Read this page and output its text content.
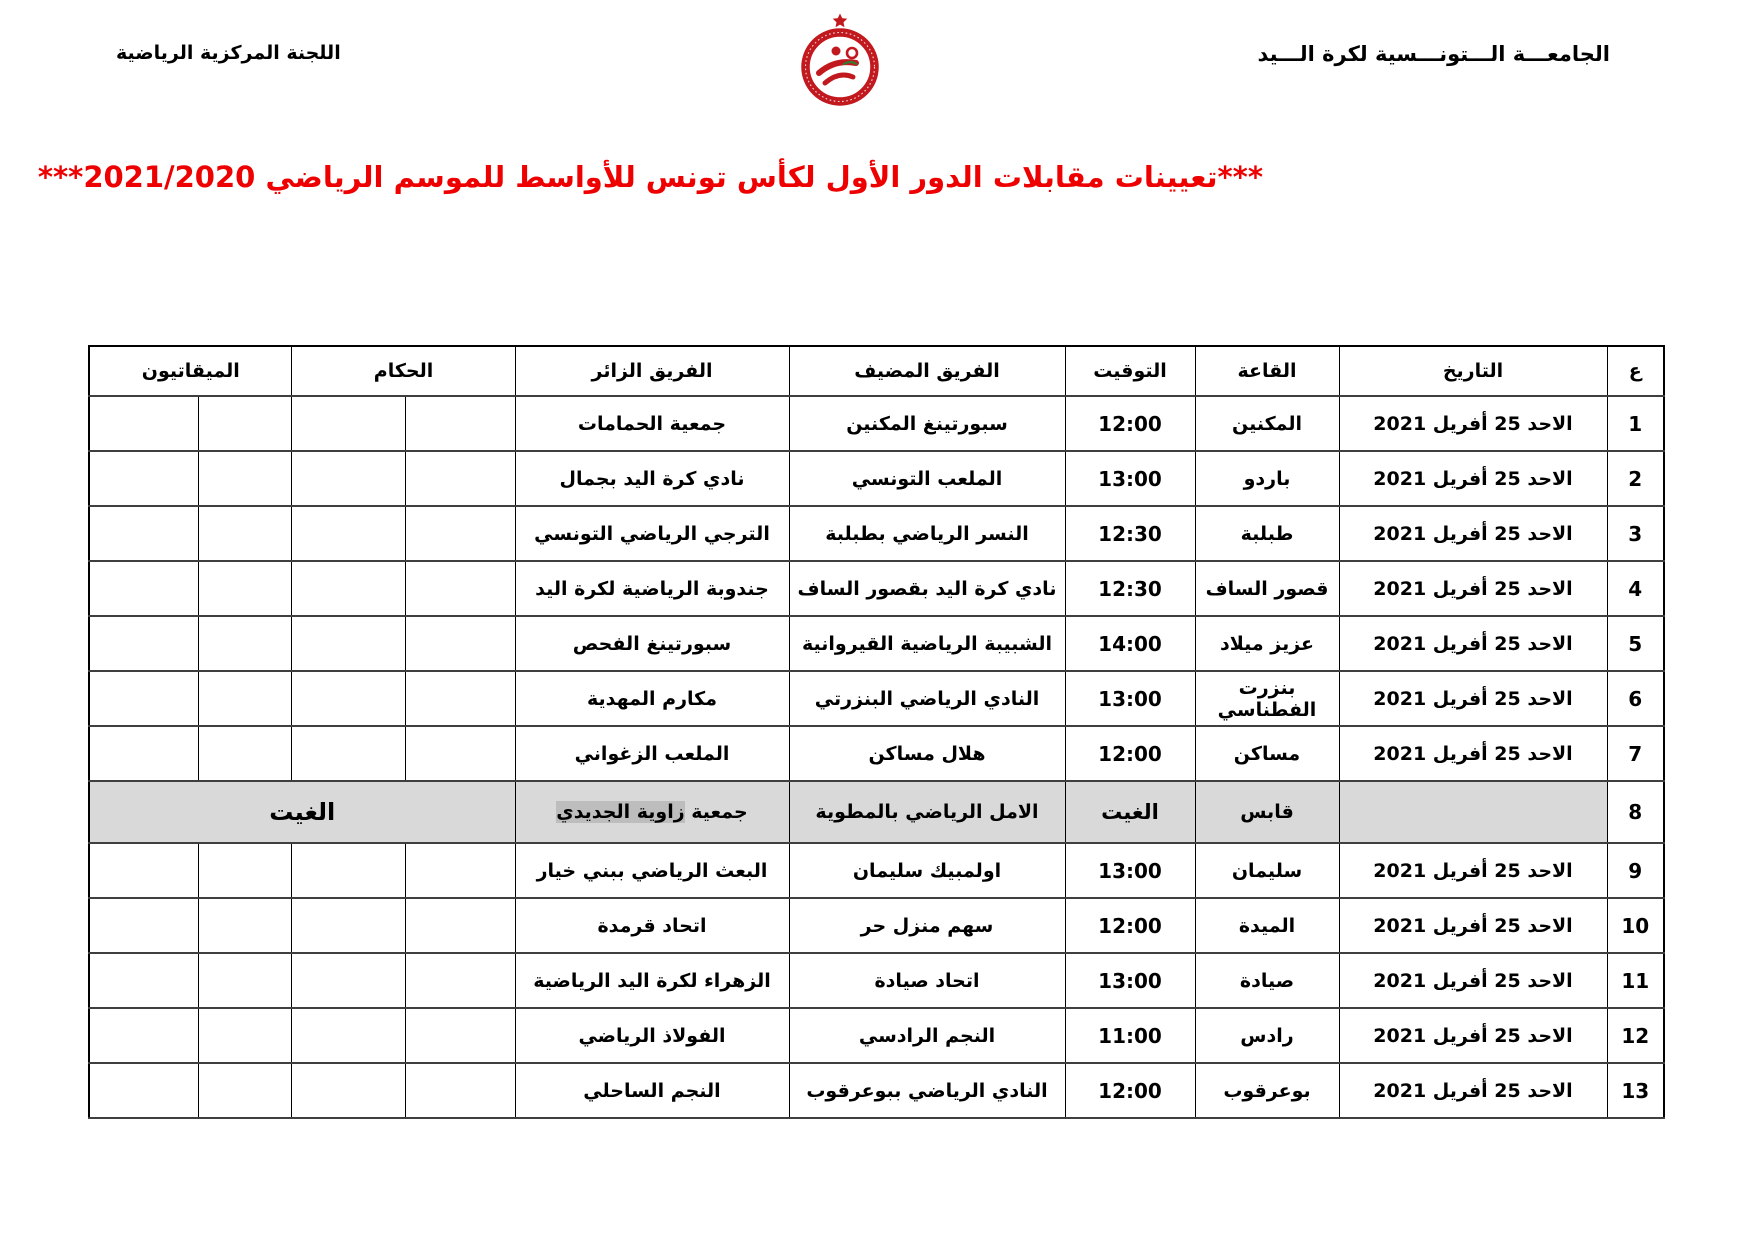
الجامعـــة الـــتونـــسية لكرة الـــيد
اللجنة المركزية الرياضية
***تعيينات مقابلات الدور الأول لكأس تونس للأواسط للموسم الرياضي 2021/2020***
ع	التاريخ	القاعة	التوقيت	الفريق المضيف	الفريق الزائر	الحكام		الميقاتيون	
1	الاحد 25 أفريل 2021	المكنين	12:00	سبورتينغ المكنين	جمعية الحمامات				
2	الاحد 25 أفريل 2021	باردو	13:00	الملعب التونسي	نادي كرة اليد بجمال				
3	الاحد 25 أفريل 2021	طبلبة	12:30	النسر الرياضي بطبلبة	الترجي الرياضي التونسي				
4	الاحد 25 أفريل 2021	قصور الساف	12:30	نادي كرة اليد بقصور الساف	جندوبة الرياضية لكرة اليد				
5	الاحد 25 أفريل 2021	عزيز ميلاد	14:00	الشبيبة الرياضية القيروانية	سبورتينغ الفحص				
6	الاحد 25 أفريل 2021	بنزرت الفطناسي	13:00	النادي الرياضي البنزرتي	مكارم المهدية				
7	الاحد 25 أفريل 2021	مساكن	12:00	هلال مساكن	الملعب الزغواني				
8		قابس	الغيت	الامل الرياضي بالمطوية	جمعية زاوية الجديدي	الغيت			
9	الاحد 25 أفريل 2021	سليمان	13:00	اولمبيك سليمان	البعث الرياضي ببني خيار				
10	الاحد 25 أفريل 2021	الميدة	12:00	سهم منزل حر	اتحاد قرمدة				
11	الاحد 25 أفريل 2021	صيادة	13:00	اتحاد صيادة	الزهراء لكرة اليد الرياضية				
12	الاحد 25 أفريل 2021	رادس	11:00	النجم الرادسي	الفولاذ الرياضي				
13	الاحد 25 أفريل 2021	بوعرقوب	12:00	النادي الرياضي ببوعرقوب	النجم الساحلي				
